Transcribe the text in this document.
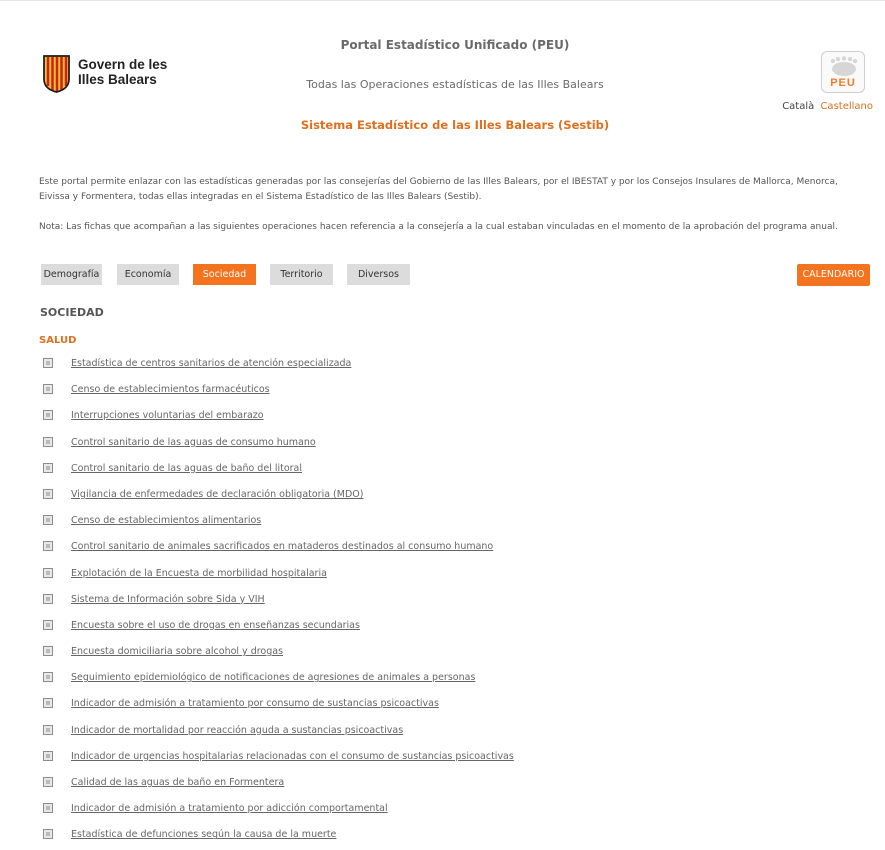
Govern de les
Illes Balears
Portal Estadístico Unificado (PEU)
Todas las Operaciones estadísticas de las Illes Balears
Sistema Estadístico de las Illes Balears (Sestib)
PEU
Català Castellano

Este portal permite enlazar con las estadísticas generadas por las consejerías del Gobierno de las Illes Balears, por el IBESTAT y por los Consejos Insulares de Mallorca, Menorca, Eivissa y Formentera, todas ellas integradas en el Sistema Estadístico de las Illes Balears (Sestib).

Nota: Las fichas que acompañan a las siguientes operaciones hacen referencia a la consejería a la cual estaban vinculadas en el momento de la aprobación del programa anual.

Demografía	Economía	Sociedad	Territorio	Diversos	CALENDARIO
SOCIEDAD
SALUD
Estadística de centros sanitarios de atención especializada
Censo de establecimientos farmacéuticos
Interrupciones voluntarias del embarazo
Control sanitario de las aguas de consumo humano
Control sanitario de las aguas de baño del litoral
Vigilancia de enfermedades de declaración obligatoria (MDO)
Censo de establecimientos alimentarios
Control sanitario de animales sacrificados en mataderos destinados al consumo humano
Explotación de la Encuesta de morbilidad hospitalaria
Sistema de Información sobre Sida y VIH
Encuesta sobre el uso de drogas en enseñanzas secundarias
Encuesta domiciliaria sobre alcohol y drogas
Seguimiento epidemiológico de notificaciones de agresiones de animales a personas
Indicador de admisión a tratamiento por consumo de sustancias psicoactivas
Indicador de mortalidad por reacción aguda a sustancias psicoactivas
Indicador de urgencias hospitalarias relacionadas con el consumo de sustancias psicoactivas
Calidad de las aguas de baño en Formentera
Indicador de admisión a tratamiento por adicción comportamental
Estadística de defunciones según la causa de la muerte
